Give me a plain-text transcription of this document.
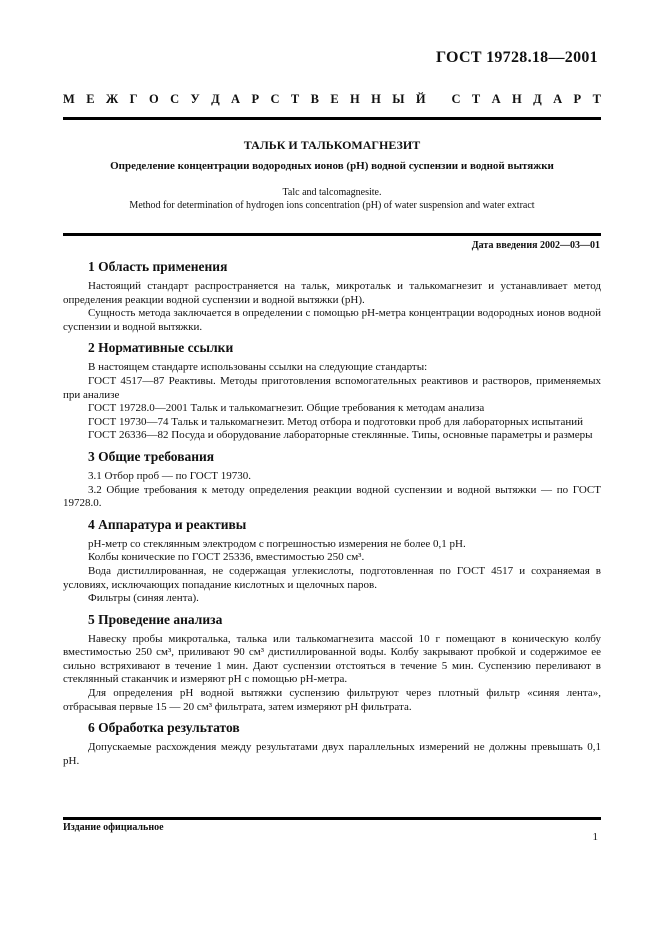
ГОСТ 19728.18—2001
М Е Ж Г О С У Д А Р С Т В Е Н Н Ы Й
С Т А Н Д А Р Т
ТАЛЬК И ТАЛЬКОМАГНЕЗИТ
Определение концентрации водородных ионов (pH) водной суспензии и водной вытяжки
Talc and talcomagnesite.
Method for determination of hydrogen ions concentration (pH) of water suspension and water extract
Дата введения 2002—03—01
1 Область применения

Настоящий стандарт распространяется на тальк, микротальк и талькомагнезит и устанавливает метод определения реакции водной суспензии и водной вытяжки (pH).

Сущность метода заключается в определении с помощью pH-метра концентрации водородных ионов водной суспензии и водной вытяжки.

2 Нормативные ссылки

В настоящем стандарте использованы ссылки на следующие стандарты:

ГОСТ 4517—87 Реактивы. Методы приготовления вспомогательных реактивов и растворов, применяемых при анализе

ГОСТ 19728.0—2001 Тальк и талькомагнезит. Общие требования к методам анализа

ГОСТ 19730—74 Тальк и талькомагнезит. Метод отбора и подготовки проб для лабораторных испытаний

ГОСТ 26336—82 Посуда и оборудование лабораторные стеклянные. Типы, основные параметры и размеры

3 Общие требования

3.1 Отбор проб — по ГОСТ 19730.

3.2 Общие требования к методу определения реакции водной суспензии и водной вытяжки — по ГОСТ 19728.0.

4 Аппаратура и реактивы

pH-метр со стеклянным электродом с погрешностью измерения не более 0,1 pH.

Колбы конические по ГОСТ 25336, вместимостью 250 см³.

Вода дистиллированная, не содержащая углекислоты, подготовленная по ГОСТ 4517 и сохраняемая в условиях, исключающих попадание кислотных и щелочных паров.

Фильтры (синяя лента).

5 Проведение анализа

Навеску пробы микроталька, талька или талькомагнезита массой 10 г помещают в коническую колбу вместимостью 250 см³, приливают 90 см³ дистиллированной воды. Колбу закрывают пробкой и содержимое ее сильно встряхивают в течение 1 мин. Дают суспензии отстояться в течение 5 мин. Суспензию переливают в стеклянный стаканчик и измеряют pH с помощью pH-метра.

Для определения pH водной вытяжки суспензию фильтруют через плотный фильтр «синяя лента», отбрасывая первые 15 — 20 см³ фильтрата, затем измеряют pH фильтрата.

6 Обработка результатов

Допускаемые расхождения между результатами двух параллельных измерений не должны превышать 0,1 pH.

Издание официальное
1
